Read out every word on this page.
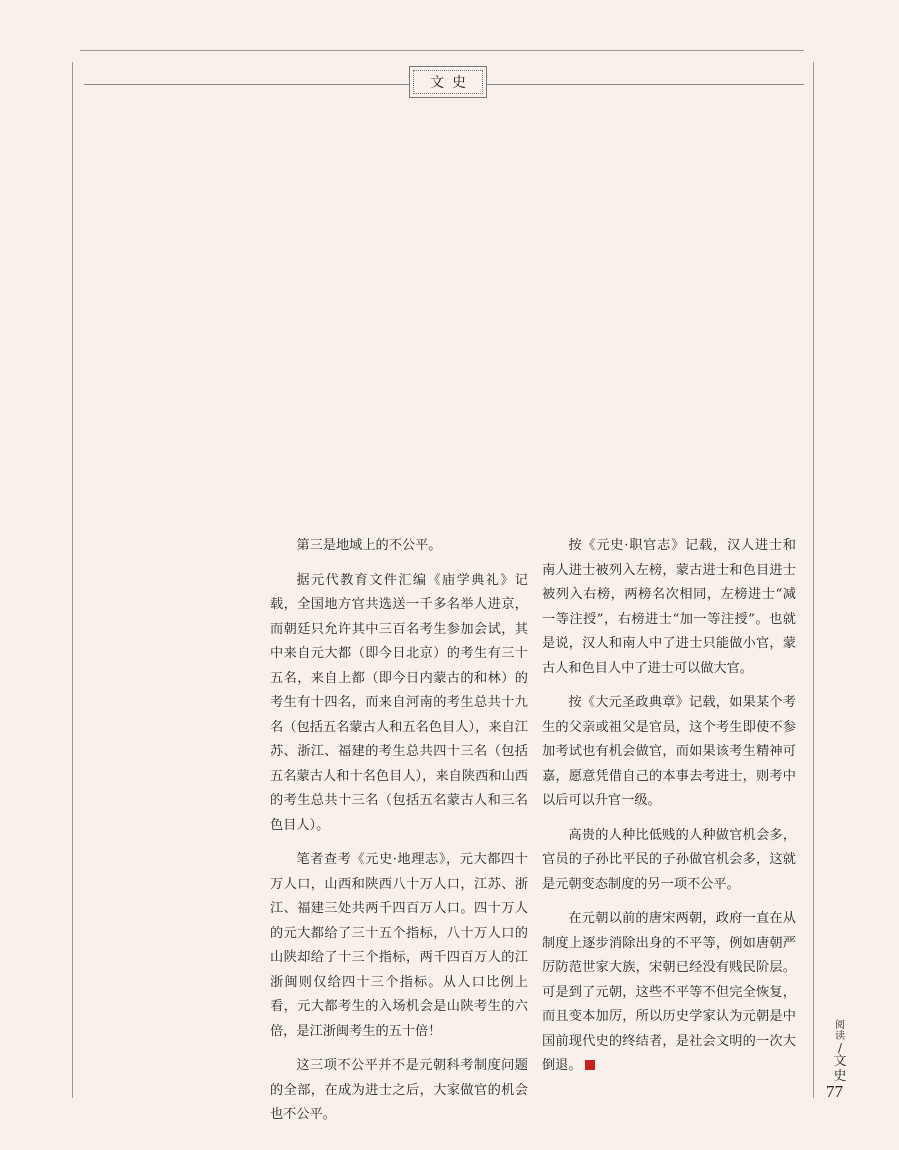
文史

第三是地域上的不公平。

据元代教育文件汇编《庙学典礼》记载，全国地方官共选送一千多名举人进京，而朝廷只允许其中三百名考生参加会试，其中来自元大都（即今日北京）的考生有三十五名，来自上都（即今日内蒙古的和林）的考生有十四名，而来自河南的考生总共十九名（包括五名蒙古人和五名色目人），来自江苏、浙江、福建的考生总共四十三名（包括五名蒙古人和十名色目人），来自陕西和山西的考生总共十三名（包括五名蒙古人和三名色目人）。

笔者查考《元史·地理志》，元大都四十万人口，山西和陕西八十万人口，江苏、浙江、福建三处共两千四百万人口。四十万人的元大都给了三十五个指标，八十万人口的山陕却给了十三个指标，两千四百万人的江浙闽则仅给四十三个指标。从人口比例上看，元大都考生的入场机会是山陕考生的六倍，是江浙闽考生的五十倍！

这三项不公平并不是元朝科考制度问题的全部，在成为进士之后，大家做官的机会也不公平。

按《元史·职官志》记载，汉人进士和南人进士被列入左榜，蒙古进士和色目进士被列入右榜，两榜名次相同，左榜进士“减一等注授”，右榜进士“加一等注授”。也就是说，汉人和南人中了进士只能做小官，蒙古人和色目人中了进士可以做大官。

按《大元圣政典章》记载，如果某个考生的父亲或祖父是官员，这个考生即使不参加考试也有机会做官，而如果该考生精神可嘉，愿意凭借自己的本事去考进士，则考中以后可以升官一级。

高贵的人种比低贱的人种做官机会多，官员的子孙比平民的子孙做官机会多，这就是元朝变态制度的另一项不公平。

在元朝以前的唐宋两朝，政府一直在从制度上逐步消除出身的不平等，例如唐朝严厉防范世家大族，宋朝已经没有贱民阶层。可是到了元朝，这些不平等不但完全恢复，而且变本加厉，所以历史学家认为元朝是中国前现代史的终结者，是社会文明的一次大倒退。

阅
读
/
文
史
77
